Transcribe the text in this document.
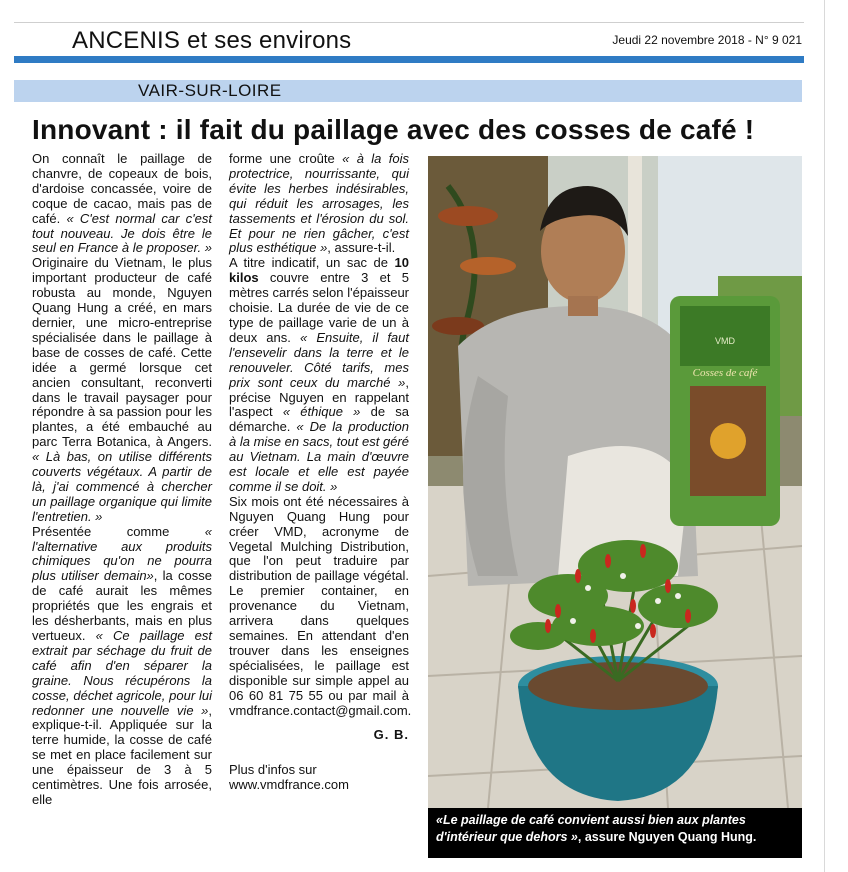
ANCENIS et ses environs	Jeudi 22 novembre 2018 - N° 9 021
VAIR-SUR-LOIRE
Innovant : il fait du paillage avec des cosses de café !

On connaît le paillage de chanvre, de copeaux de bois, d'ardoise concassée, voire de coque de cacao, mais pas de café. « C'est normal car c'est tout nouveau. Je dois être le seul en France à le proposer. » Originaire du Vietnam, le plus important producteur de café robusta au monde, Nguyen Quang Hung a créé, en mars dernier, une micro-entreprise spécialisée dans le paillage à base de cosses de café. Cette idée a germé lorsque cet ancien consultant, reconverti dans le travail paysager pour répondre à sa passion pour les plantes, a été embauché au parc Terra Botanica, à Angers. « Là bas, on utilise différents couverts végétaux. A partir de là, j'ai commencé à chercher un paillage organique qui limite l'entretien. »

Présentée comme « l'alternative aux produits chimiques qu'on ne pourra plus utiliser demain», la cosse de café aurait les mêmes propriétés que les engrais et les désherbants, mais en plus vertueux. « Ce paillage est extrait par séchage du fruit de café afin d'en séparer la graine. Nous récupérons la cosse, déchet agricole, pour lui redonner une nouvelle vie », explique-t-il. Appliquée sur la terre humide, la cosse de café se met en place facilement sur une épaisseur de 3 à 5 centimètres. Une fois arrosée, elle

forme une croûte « à la fois protectrice, nourrissante, qui évite les herbes indésirables, qui réduit les arrosages, les tassements et l'érosion du sol. Et pour ne rien gâcher, c'est plus esthétique », assure-t-il.

A titre indicatif, un sac de 10 kilos couvre entre 3 et 5 mètres carrés selon l'épaisseur choisie. La durée de vie de ce type de paillage varie de un à deux ans. « Ensuite, il faut l'ensevelir dans la terre et le renouveler. Côté tarifs, mes prix sont ceux du marché », précise Nguyen en rappelant l'aspect « éthique » de sa démarche. « De la production à la mise en sacs, tout est géré au Vietnam. La main d'œuvre est locale et elle est payée comme il se doit. »

Six mois ont été nécessaires à Nguyen Quang Hung pour créer VMD, acronyme de Vegetal Mulching Distribution, que l'on peut traduire par distribution de paillage végétal. Le premier container, en provenance du Vietnam, arrivera dans quelques semaines. En attendant d'en trouver dans les enseignes spécialisées, le paillage est disponible sur simple appel au 06 60 81 75 55 ou par mail à vmdfrance.contact@gmail.com.

G. B.

Plus d'infos sur www.vmdfrance.com

VMD
Cosses de café
«Le paillage de café convient aussi bien aux plantes d'intérieur que dehors », assure Nguyen Quang Hung.
